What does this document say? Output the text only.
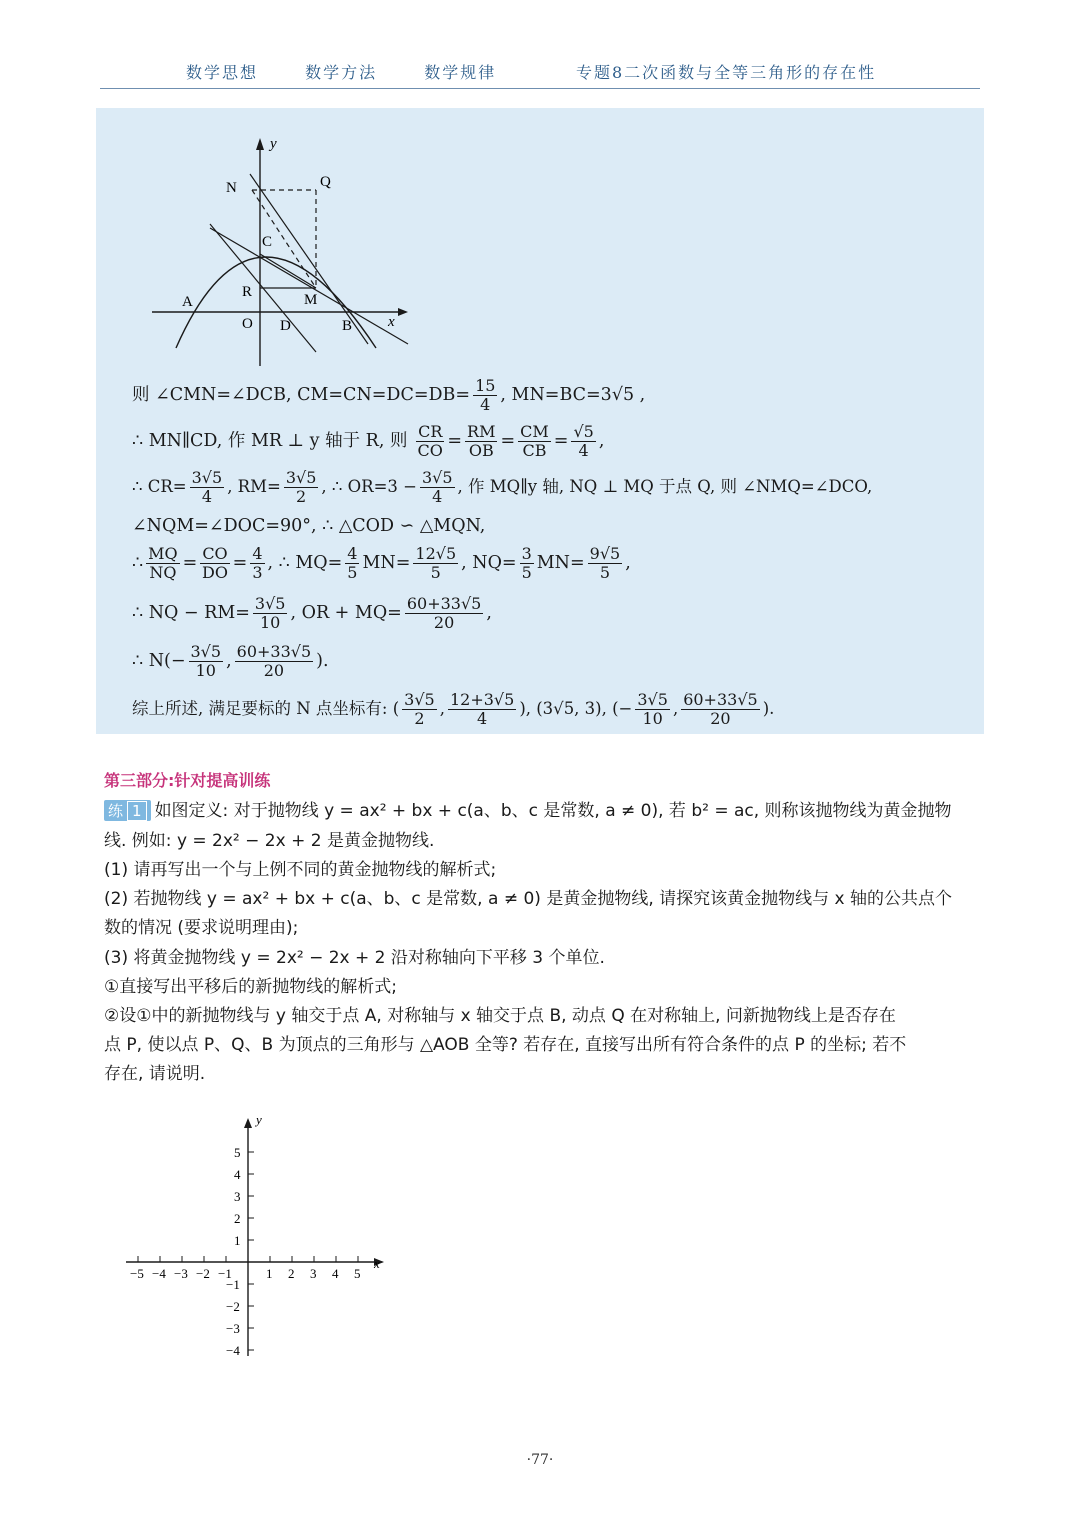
数学思想	数学方法	数学规律	专题8二次函数与全等三角形的存在性
y
x
N	Q
C
R	M
A
O D	B
则 ∠CMN=∠DCB, $CM=CN=DC=DB= \frac{15}{4}$ , MN=BC=3√5 ,
∴ MN∥CD, 作 MR ⊥ y 轴于 R, 则 $\frac{CR}{CO} = \frac{RM}{OB} = \frac{CM}{CB} = \frac{√5}{4}$ ,
∴ $CR= \frac{3√5}{4}$ , $RM= \frac{3√5}{2}$ , ∴ $OR=3 - \frac{3√5}{4}$ , 作 MQ∥y 轴, NQ ⊥ MQ 于点 Q, 则 ∠NMQ=∠DCO,
∠NQM=∠DOC=90°, ∴ △COD ∽ △MQN,
∴ $\frac{MQ}{NQ} = \frac{CO}{DO} = \frac{4}{3}$ , ∴ $MQ= \frac{4}{5} MN= \frac{12√5}{5}$ , $NQ= \frac{3}{5} MN= \frac{9√5}{5}$ ,
∴ NQ − $RM= \frac{3√5}{10}$ , OR + $MQ= \frac{60+33√5}{20}$ ,
∴ $N(- \frac{3√5}{10}$ , $\frac{60+33√5}{20}$ ).
综上所述, 满足要标的 N 点坐标有: ( $\frac{3√5}{2}$ , $\frac{12+3√5}{4}$ ), (3√5, 3), (− $\frac{3√5}{10}$ , $\frac{60+33√5}{20}$ ).
第三部分:针对提高训练
练 1 如图定义: 对于抛物线 y = ax² + bx + c(a、b、c 是常数, a ≠ 0), 若 b² = ac, 则称该抛物线为黄金抛物
线. 例如: y = 2x² − 2x + 2 是黄金抛物线.
(1) 请再写出一个与上例不同的黄金抛物线的解析式;
(2) 若抛物线 y = ax² + bx + c(a、b、c 是常数, a ≠ 0) 是黄金抛物线, 请探究该黄金抛物线与 x 轴的公共点个
数的情况 (要求说明理由);
(3) 将黄金抛物线 y = 2x² − 2x + 2 沿对称轴向下平移 3 个单位.
①直接写出平移后的新抛物线的解析式;
②设①中的新抛物线与 y 轴交于点 A, 对称轴与 x 轴交于点 B, 动点 Q 在对称轴上, 问新抛物线上是否存在
点 P, 使以点 P、Q、B 为顶点的三角形与 △AOB 全等? 若存在, 直接写出所有符合条件的点 P 的坐标; 若不
存在, 请说明.
y
x
−5 −4 −3 −2 −1	1 2 3 4 5
5
4
3
2
1
−1
−2
−3
−4
·77·
